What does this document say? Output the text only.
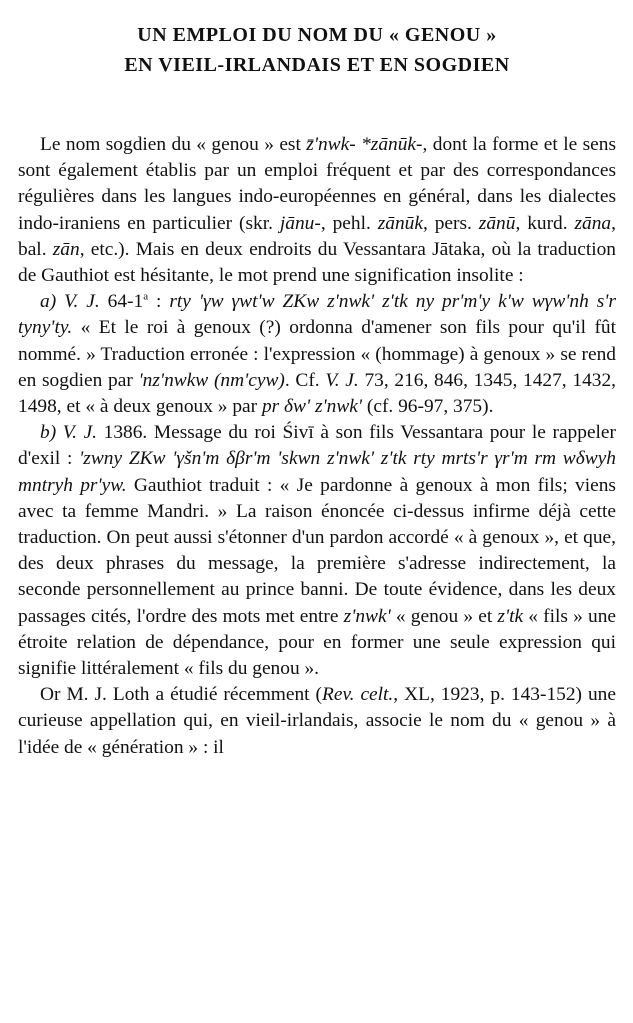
UN EMPLOI DU NOM DU « GENOU »
EN VIEIL-IRLANDAIS ET EN SOGDIEN

Le nom sogdien du « genou » est z̄'nwk- *zānūk-, dont la forme et le sens sont également établis par un emploi fréquent et par des correspondances régulières dans les langues indo-européennes en général, dans les dialectes indo-iraniens en particulier (skr. jānu-, pehl. zānūk, pers. zānū, kurd. zāna, bal. zān, etc.). Mais en deux endroits du Vessantara Jātaka, où la traduction de Gauthiot est hésitante, le mot prend une signification insolite :

a) V. J. 64-1$^a$ : rty 'γw γwt'w ZKw z'nwk' z'tk ny pr'm'y k'w wγw'nh s'r tyny'ty. « Et le roi à genoux (?) ordonna d'amener son fils pour qu'il fût nommé. » Traduction erronée : l'expression « (hommage) à genoux » se rend en sogdien par 'nz'nwkw (nm'cyw). Cf. V. J. 73, 216, 846, 1345, 1427, 1432, 1498, et « à deux genoux » par pr δw' z'nwk' (cf. 96-97, 375).

b) V. J. 1386. Message du roi Śivī à son fils Vessantara pour le rappeler d'exil : 'zwny ZKw 'γšn'm δβr'm 'skwn z'nwk' z'tk rty mrts'r γr'm rm wδwyh mntryh pr'yw. Gauthiot traduit : « Je pardonne à genoux à mon fils; viens avec ta femme Mandri. » La raison énoncée ci-dessus infirme déjà cette traduction. On peut aussi s'étonner d'un pardon accordé « à genoux », et que, des deux phrases du message, la première s'adresse indirectement, la seconde personnellement au prince banni. De toute évidence, dans les deux passages cités, l'ordre des mots met entre z'nwk' « genou » et z'tk « fils » une étroite relation de dépendance, pour en former une seule expression qui signifie littéralement « fils du genou ».

Or M. J. Loth a étudié récemment (Rev. celt., XL, 1923, p. 143-152) une curieuse appellation qui, en vieil-irlandais, associe le nom du « genou » à l'idée de « génération » : il
